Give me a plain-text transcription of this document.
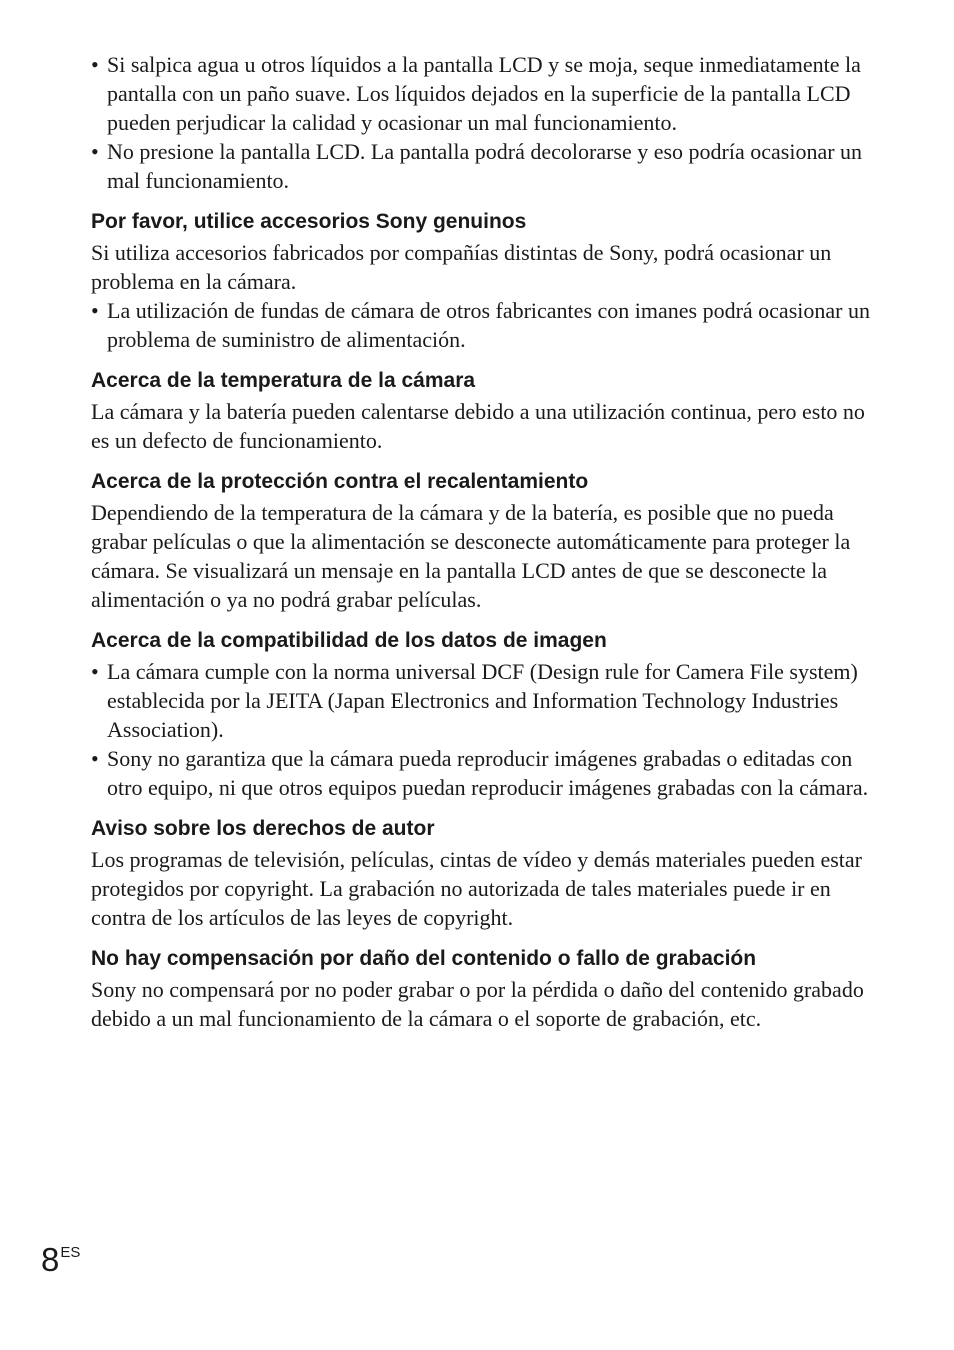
• Si salpica agua u otros líquidos a la pantalla LCD y se moja, seque inmediatamente la pantalla con un paño suave. Los líquidos dejados en la superficie de la pantalla LCD pueden perjudicar la calidad y ocasionar un mal funcionamiento.

• No presione la pantalla LCD. La pantalla podrá decolorarse y eso podría ocasionar un mal funcionamiento.

Por favor, utilice accesorios Sony genuinos

Si utiliza accesorios fabricados por compañías distintas de Sony, podrá ocasionar un problema en la cámara.

• La utilización de fundas de cámara de otros fabricantes con imanes podrá ocasionar un problema de suministro de alimentación.

Acerca de la temperatura de la cámara

La cámara y la batería pueden calentarse debido a una utilización continua, pero esto no es un defecto de funcionamiento.

Acerca de la protección contra el recalentamiento

Dependiendo de la temperatura de la cámara y de la batería, es posible que no pueda grabar películas o que la alimentación se desconecte automáticamente para proteger la cámara. Se visualizará un mensaje en la pantalla LCD antes de que se desconecte la alimentación o ya no podrá grabar películas.

Acerca de la compatibilidad de los datos de imagen

• La cámara cumple con la norma universal DCF (Design rule for Camera File system) establecida por la JEITA (Japan Electronics and Information Technology Industries Association).

• Sony no garantiza que la cámara pueda reproducir imágenes grabadas o editadas con otro equipo, ni que otros equipos puedan reproducir imágenes grabadas con la cámara.

Aviso sobre los derechos de autor

Los programas de televisión, películas, cintas de vídeo y demás materiales pueden estar protegidos por copyright. La grabación no autorizada de tales materiales puede ir en contra de los artículos de las leyes de copyright.

No hay compensación por daño del contenido o fallo de grabación

Sony no compensará por no poder grabar o por la pérdida o daño del contenido grabado debido a un mal funcionamiento de la cámara o el soporte de grabación, etc.

8ES
